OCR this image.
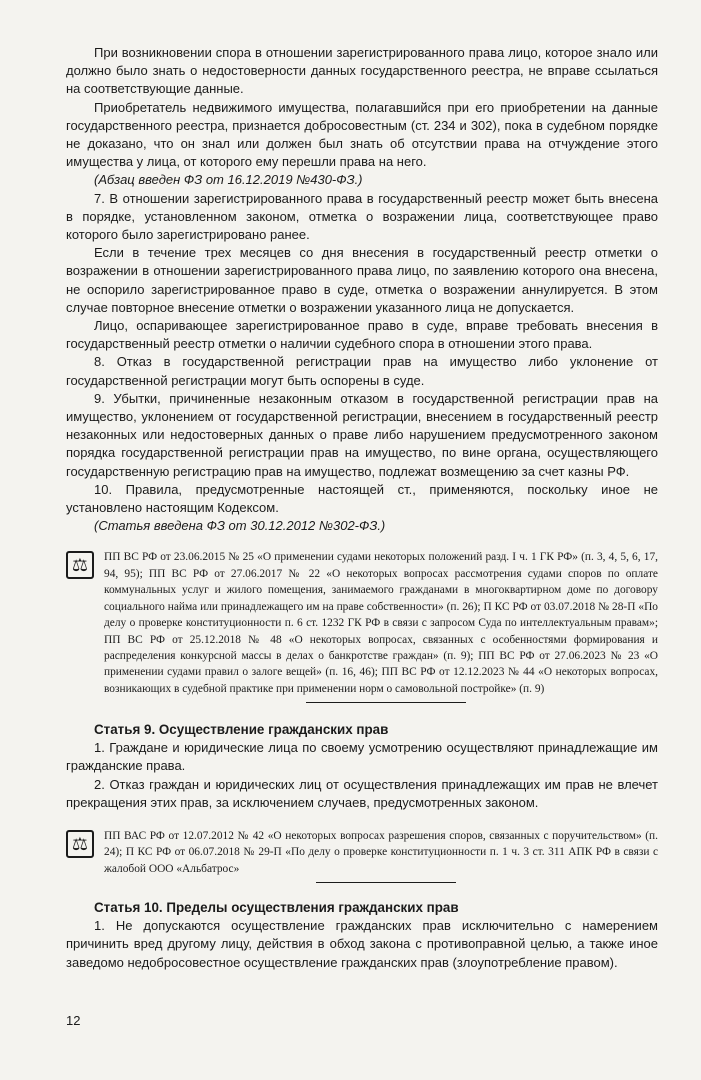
При возникновении спора в отношении зарегистрированного права лицо, которое знало или должно было знать о недостоверности данных государственного реестра, не вправе ссылаться на соответствующие данные.

Приобретатель недвижимого имущества, полагавшийся при его приобретении на данные государственного реестра, признается добросовестным (ст. 234 и 302), пока в судебном порядке не доказано, что он знал или должен был знать об отсутствии права на отчуждение этого имущества у лица, от которого ему перешли права на него.

(Абзац введен ФЗ от 16.12.2019 №430-ФЗ.)

7. В отношении зарегистрированного права в государственный реестр может быть внесена в порядке, установленном законом, отметка о возражении лица, соответствующее право которого было зарегистрировано ранее.

Если в течение трех месяцев со дня внесения в государственный реестр отметки о возражении в отношении зарегистрированного права лицо, по заявлению которого она внесена, не оспорило зарегистрированное право в суде, отметка о возражении аннулируется. В этом случае повторное внесение отметки о возражении указанного лица не допускается.

Лицо, оспаривающее зарегистрированное право в суде, вправе требовать внесения в государственный реестр отметки о наличии судебного спора в отношении этого права.

8. Отказ в государственной регистрации прав на имущество либо уклонение от государственной регистрации могут быть оспорены в суде.

9. Убытки, причиненные незаконным отказом в государственной регистрации прав на имущество, уклонением от государственной регистрации, внесением в государственный реестр незаконных или недостоверных данных о праве либо нарушением предусмотренного законом порядка государственной регистрации прав на имущество, по вине органа, осуществляющего государственную регистрацию прав на имущество, подлежат возмещению за счет казны РФ.

10. Правила, предусмотренные настоящей ст., применяются, поскольку иное не установлено настоящим Кодексом.

(Статья введена ФЗ от 30.12.2012 №302-ФЗ.)

⚖	ПП ВС РФ от 23.06.2015 № 25 «О применении судами некоторых положений разд. I ч. 1 ГК РФ» (п. 3, 4, 5, 6, 17, 94, 95); ПП ВС РФ от 27.06.2017 № 22 «О некоторых вопросах рассмотрения судами споров по оплате коммунальных услуг и жилого помещения, занимаемого гражданами в многоквартирном доме по договору социального найма или принадлежащего им на праве собственности» (п. 26); П КС РФ от 03.07.2018 № 28-П «По делу о проверке конституционности п. 6 ст. 1232 ГК РФ в связи с запросом Суда по интеллектуальным правам»; ПП ВС РФ от 25.12.2018 № 48 «О некоторых вопросах, связанных с особенностями формирования и распределения конкурсной массы в делах о банкротстве граждан» (п. 9); ПП ВС РФ от 27.06.2023 № 23 «О применении судами правил о залоге вещей» (п. 16, 46); ПП ВС РФ от 12.12.2023 № 44 «О некоторых вопросах, возникающих в судебной практике при применении норм о самовольной постройке» (п. 9)

Статья 9. Осуществление гражданских прав

1. Граждане и юридические лица по своему усмотрению осуществляют принадлежащие им гражданские права.

2. Отказ граждан и юридических лиц от осуществления принадлежащих им прав не влечет прекращения этих прав, за исключением случаев, предусмотренных законом.

⚖	ПП ВАС РФ от 12.07.2012 № 42 «О некоторых вопросах разрешения споров, связанных с поручительством» (п. 24); П КС РФ от 06.07.2018 № 29-П «По делу о проверке конституционности п. 1 ч. 3 ст. 311 АПК РФ в связи с жалобой ООО «Альбатрос»

Статья 10. Пределы осуществления гражданских прав

1. Не допускаются осуществление гражданских прав исключительно с намерением причинить вред другому лицу, действия в обход закона с противоправной целью, а также иное заведомо недобросовестное осуществление гражданских прав (злоупотребление правом).

12
